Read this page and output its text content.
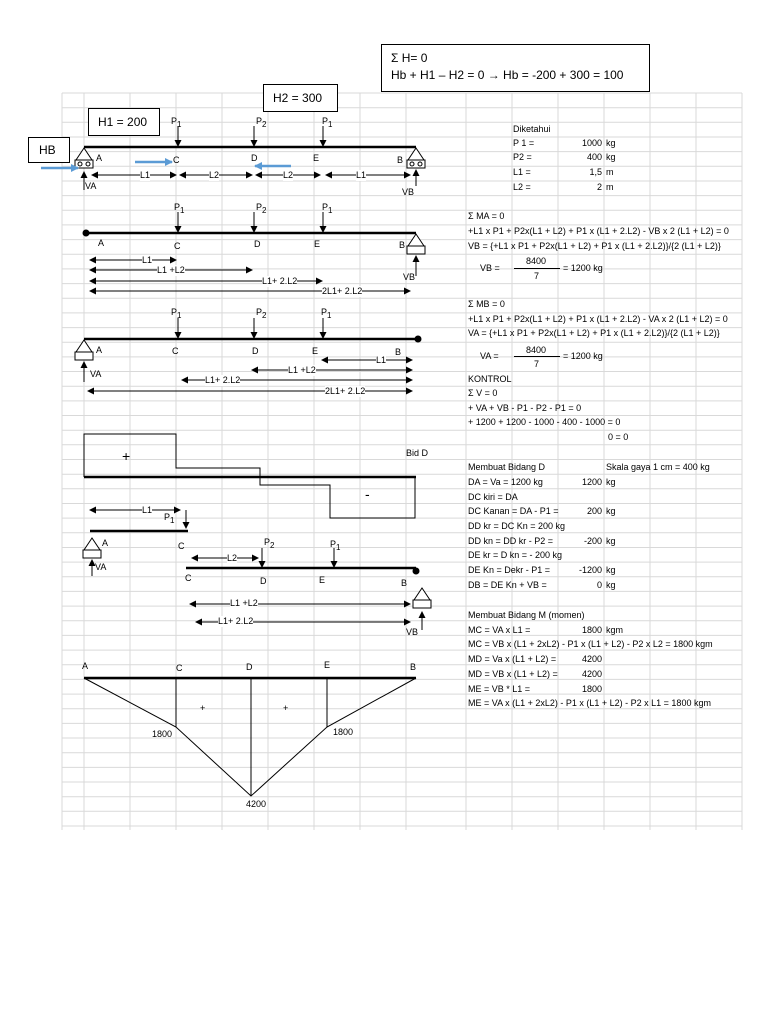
Σ H= 0
Hb + H1 – H2 = 0 → Hb = -200 + 300 = 100
H2 = 300
H1 = 200
HB
A	C	D	E	B
$P_1$	$P_2$	$P_1$
VA
VB
L1	L2	L2	L1
$P_1$	$P_2$	$P_1$
A	C	D	E	B
VB
L1
L1 +L2
L1+ 2.L2
2L1+ 2.L2
$P_1$	$P_2$	$P_1$
A	C	D	E	B
VA
L1
L1 +L2
L1+ 2.L2
2L1+ 2.L2
+
-
Bid D
L1
$P_1$
A	C
VA
$P_2$	$P_1$
L2
C	D	E	B
L1 +L2
L1+ 2.L2
VB
A	C	D	E	B
+	+
1800	1800
4200
Diketahui
P 1 =	1000 kg
P2 =	400 kg
L1 =	1,5 m
L2 =	2 m
Σ MA = 0
+L1 x P1 + P2x(L1 + L2) + P1 x (L1 + 2.L2) - VB x 2 (L1 + L2) = 0
VB = {+L1 x P1 + P2x(L1 + L2) + P1 x (L1 + 2.L2)}/{2 (L1 + L2)}
VB =
8400
7
= 1200 kg
Σ MB = 0
+L1 x P1 + P2x(L1 + L2) + P1 x (L1 + 2.L2) - VA x 2 (L1 + L2) = 0
VA = {+L1 x P1 + P2x(L1 + L2) + P1 x (L1 + 2.L2)}/{2 (L1 + L2)}
VA =
8400
7
= 1200 kg
KONTROL
Σ V = 0
+ VA + VB - P1 - P2 - P1 = 0
+ 1200 + 1200 - 1000 - 400 - 1000 = 0
0 = 0
Membuat Bidang D	Skala gaya 1 cm = 400 kg
DA = Va = 1200 kg	1200 kg
DC kiri = DA
DC Kanan = DA - P1 =	200 kg
DD kr = DC Kn = 200 kg
DD kn = DD kr - P2 =	-200 kg
DE kr = D kn = - 200 kg
DE Kn = Dekr - P1 =	-1200 kg
DB = DE Kn + VB =	0 kg
Membuat Bidang M (momen)
MC = VA x L1 =	1800 kgm
MC = VB x (L1 + 2xL2) - P1 x (L1 + L2) - P2 x L2 = 1800 kgm
MD = Va x (L1 + L2) =	4200
MD = VB x (L1 + L2) =	4200
ME = VB * L1 =	1800
ME = VA x (L1 + 2xL2) - P1 x (L1 + L2) - P2 x L1 = 1800 kgm
